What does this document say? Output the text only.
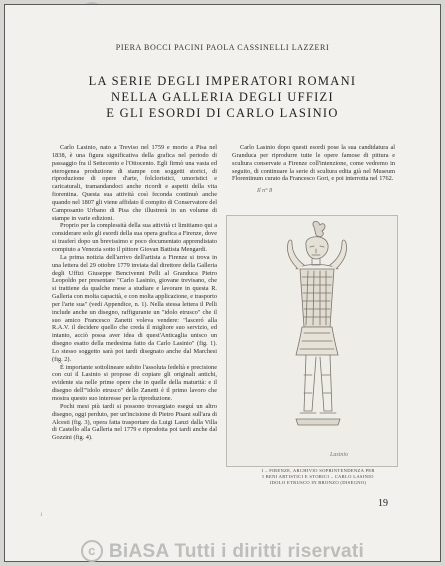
PIERA BOCCI PACINI PAOLA CASSINELLI LAZZERI
LA SERIE DEGLI IMPERATORI ROMANI
NELLA GALLERIA DEGLI UFFIZI
E GLI ESORDI DI CARLO LASINIO

Carlo Lasinio, nato a Treviso nel 1759 e morto a Pisa nel 1838, è una figura significativa della grafica nel periodo di passaggio fra il Settecento e l'Ottocento. Egli firmò una vasta ed eterogenea produzione di stampe con soggetti storici, di riproduzione di opere d'arte, folcloristici, umoristici e caricaturali, tramandandoci anche ricordi e aspetti della vita fiorentina. Questa sua attività così feconda continuò anche quando nel 1807 gli viene affidato il compito di Conservatore del Camposanto Urbano di Pisa che illustrerà in un volume di stampe in varie edizioni.

Proprio per la complessità della sua attività ci limitiamo qui a considerare solo gli esordi della sua opera grafica a Firenze, dove si trasferì dopo un brevissimo e poco documentato apprendistato compiuto a Venezia sotto il pittore Giovan Battista Mengardi.

La prima notizia dell'arrivo dell'artista a Firenze si trova in una lettera del 29 ottobre 1779 inviata dal direttore della Galleria degli Uffizi Giuseppe Bencivenni Pelli al Granduca Pietro Leopoldo per presentare "Carlo Lasinio, giovane trevisano, che si trattiene da qualche mese a studiare e lavorare in questa R. Galleria con molta capacità, e con molta applicazione, e trasporto per l'arte sua" (vedi Appendice, n. 1). Nella stessa lettera il Pelli include anche un disegno, raffigurante un "idolo etrusco" che il suo amico Francesco Zanetti voleva vendere: "lasceró alla R.A.V. il decidere quello che creda il migliore suo servizio, ed intanto, acciò possa aver idea di quest'Anticaglia unisco un disegno esatto della medesima fatto da Carlo Lasinio" (fig. 1). Lo stesso soggetto sarà poi tardi disegnato anche dal Marchesi (fig. 2).

È importante sottolineare subito l'assoluta fedeltà e precisione con cui il Lasinio si propose di copiare gli originali antichi, evidente sia nelle prime opere che in quelle della maturità: e il disegno dell'"idolo etrusco" dello Zanetti è il primo lavoro che mostra questo suo interesse per la riproduzione.

Pochi mesi più tardi si possono trovargiato eseguì un altro disegno, oggi perduto, per un'incisione di Pietro Pisani sull'ara di Alcesti (fig. 3), opera fatta trasportare da Luigi Lanzi dalla Villa di Castello alla Galleria nel 1779 e riprodotta poi tardi anche dal Gozzini (fig. 4).

Carlo Lasinio dopo questi esordi pose la sua candidatura al Granduca per riprodurre tutte le opere famose di pittura e scultura conservate a Firenze coll'intenzione, come vedremo in seguito, di continuare la serie di scultura edita già nel Museum Florentinum curato da Francesco Gori, e poi interrotta nel 1762.

Il n° 8
Lasinio
1 – FIRENZE, ARCHIVIO SOPRINTENDENZA PER
I BENI ARTISTICI E STORICI – CARLO LASINIO
IDOLO ETRUSCO IN BRONZO (DISEGNO)
19
1
c BiASA Tutti i diritti riservati
